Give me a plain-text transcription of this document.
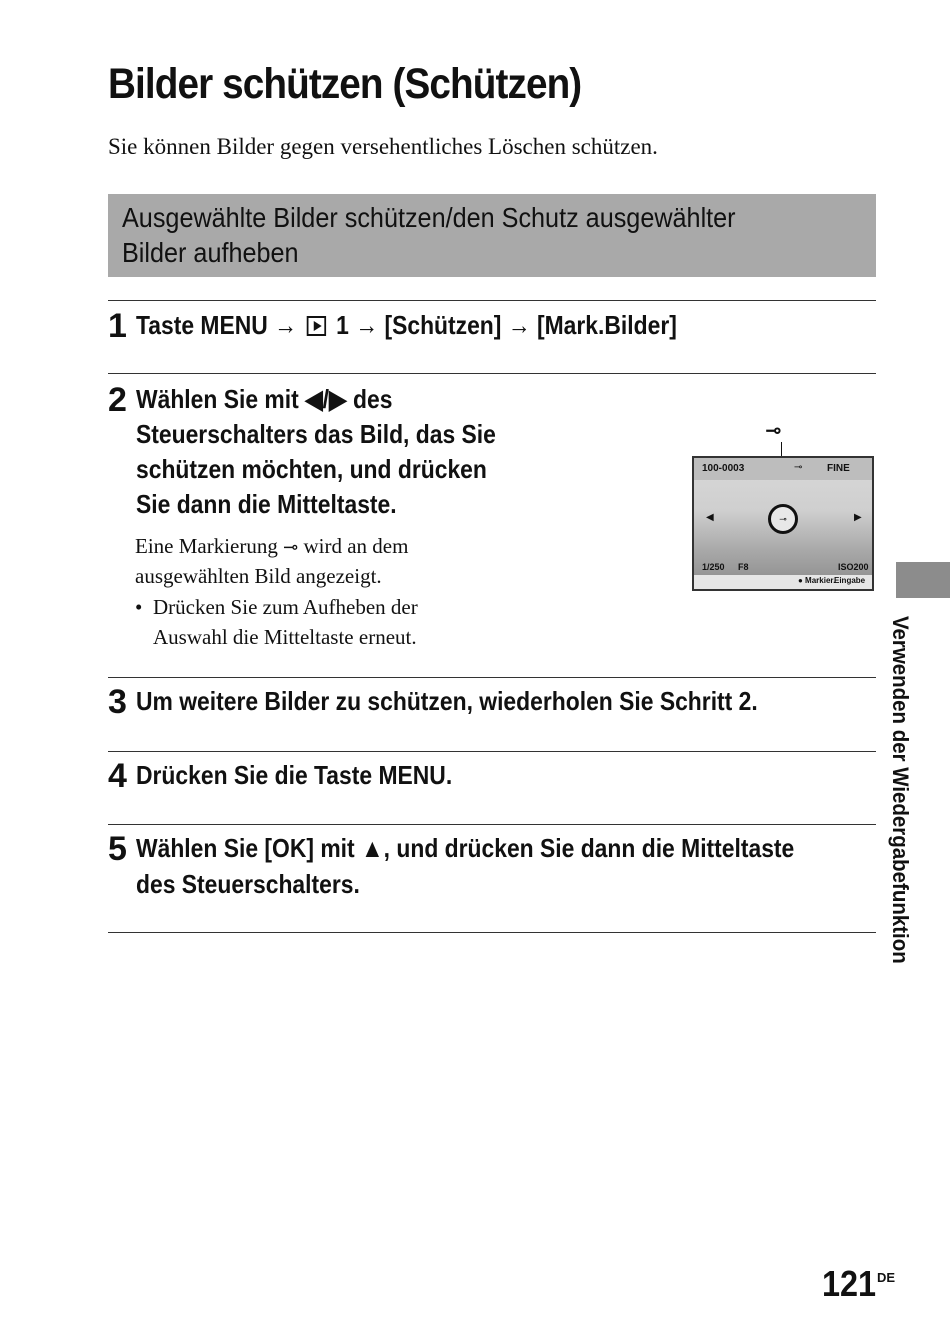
Bilder schützen (Schützen)

Sie können Bilder gegen versehentliches Löschen schützen.

Ausgewählte Bilder schützen/den Schutz ausgewählter
Bilder aufheben
1 Taste MENU →  1 → [Schützen] → [Mark.Bilder]
2 Wählen Sie mit ◀/▶ des
Steuerschalters das Bild, das Sie
schützen möchten, und drücken
Sie dann die Mitteltaste.
Eine Markierung ⊸ wird an dem
ausgewählten Bild angezeigt.
• Drücken Sie zum Aufheben der
Auswahl die Mitteltaste erneut.
⊸
100-0003	⊸ FINE
◀	▶
⊸
1/250 F8	ISO200
● Markier.
Eingabe
3 Um weitere Bilder zu schützen, wiederholen Sie Schritt 2.
4 Drücken Sie die Taste MENU.
5 Wählen Sie [OK] mit ▲, und drücken Sie dann die Mitteltaste
des Steuerschalters.	Verwenden der Wiedergabefunktion
121 DE
